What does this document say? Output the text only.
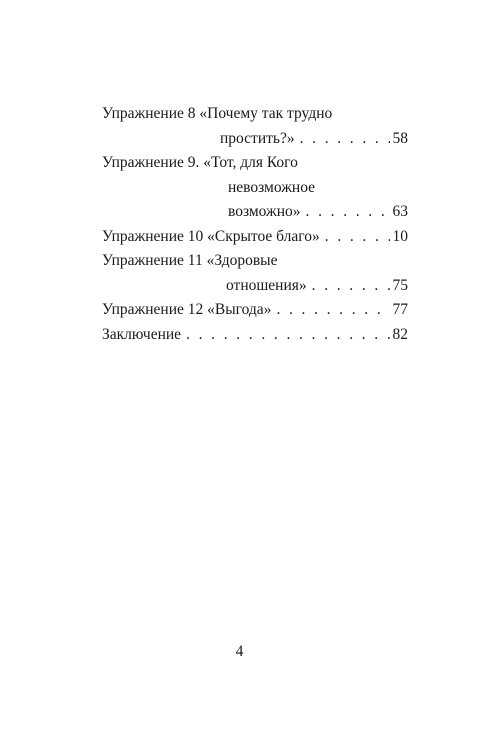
Упражнение 8 «Почему так трудно
простить?» . . .	58
Упражнение 9. «Тот, для Кого
невозможное
возможно» . . .	63
Упражнение 10 «Скрытое благо» . . .	10
Упражнение 11 «Здоровые
отношения» . . .	75
Упражнение 12 «Выгода» . . .	77
Заключение . . .	82
4
